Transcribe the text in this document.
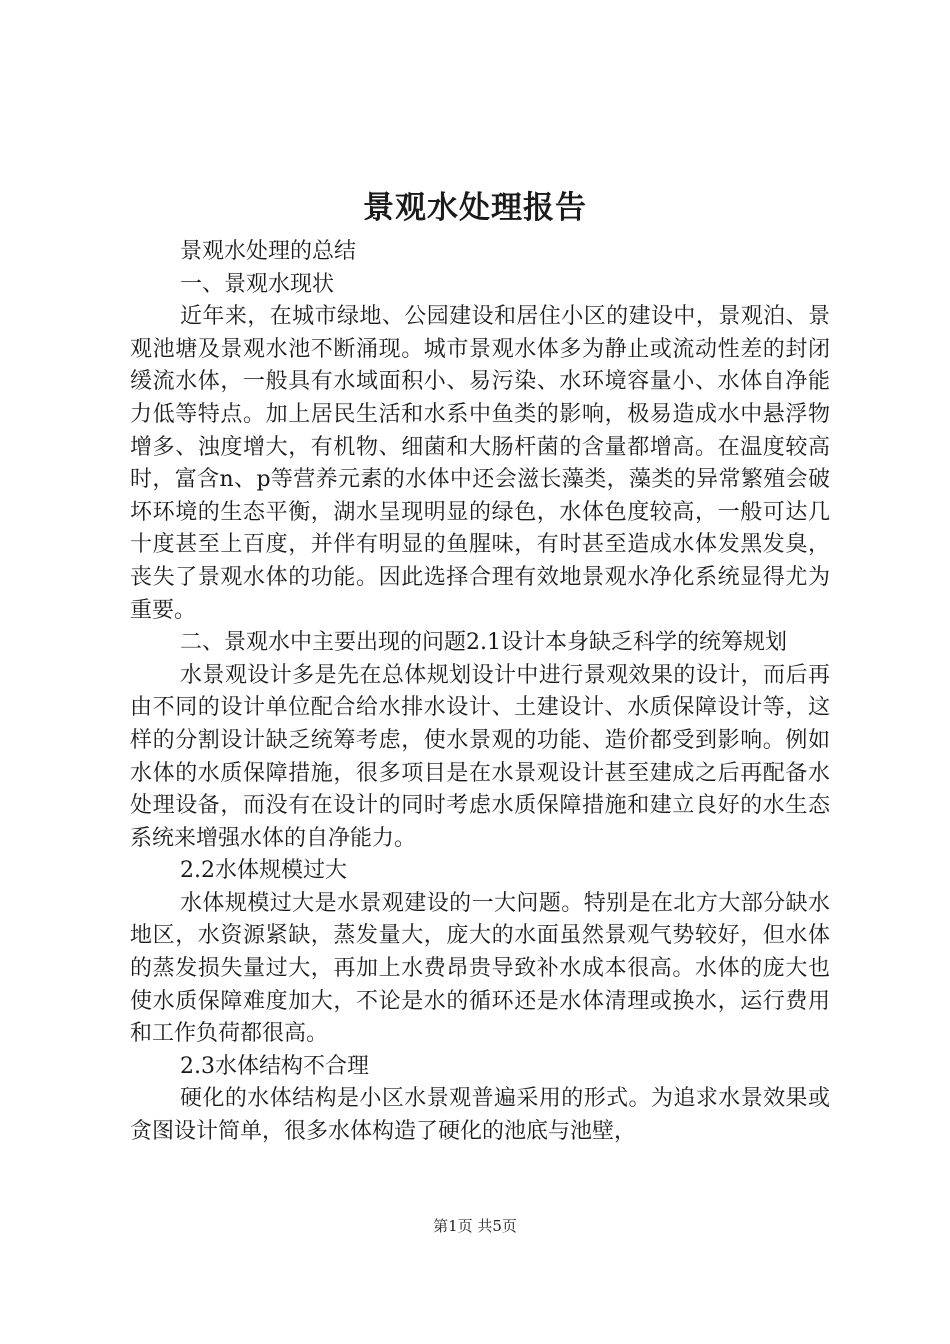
景观水处理报告

景观水处理的总结

一、景观水现状

近年来，在城市绿地、公园建设和居住小区的建设中，景观泊、景观池塘及景观水池不断涌现。城市景观水体多为静止或流动性差的封闭缓流水体，一般具有水域面积小、易污染、水环境容量小、水体自净能力低等特点。加上居民生活和水系中鱼类的影响，极易造成水中悬浮物增多、浊度增大，有机物、细菌和大肠杆菌的含量都增高。在温度较高时，富含n、p等营养元素的水体中还会滋长藻类，藻类的异常繁殖会破坏环境的生态平衡，湖水呈现明显的绿色，水体色度较高，一般可达几十度甚至上百度，并伴有明显的鱼腥味，有时甚至造成水体发黑发臭，丧失了景观水体的功能。因此选择合理有效地景观水净化系统显得尤为重要。

二、景观水中主要出现的问题2.1设计本身缺乏科学的统筹规划

水景观设计多是先在总体规划设计中进行景观效果的设计，而后再由不同的设计单位配合给水排水设计、土建设计、水质保障设计等，这样的分割设计缺乏统筹考虑，使水景观的功能、造价都受到影响。例如水体的水质保障措施，很多项目是在水景观设计甚至建成之后再配备水处理设备，而没有在设计的同时考虑水质保障措施和建立良好的水生态系统来增强水体的自净能力。

2.2水体规模过大

水体规模过大是水景观建设的一大问题。特别是在北方大部分缺水地区，水资源紧缺，蒸发量大，庞大的水面虽然景观气势较好，但水体的蒸发损失量过大，再加上水费昂贵导致补水成本很高。水体的庞大也使水质保障难度加大，不论是水的循环还是水体清理或换水，运行费用和工作负荷都很高。

2.3水体结构不合理

硬化的水体结构是小区水景观普遍采用的形式。为追求水景效果或贪图设计简单，很多水体构造了硬化的池底与池壁，

第1页 共5页
